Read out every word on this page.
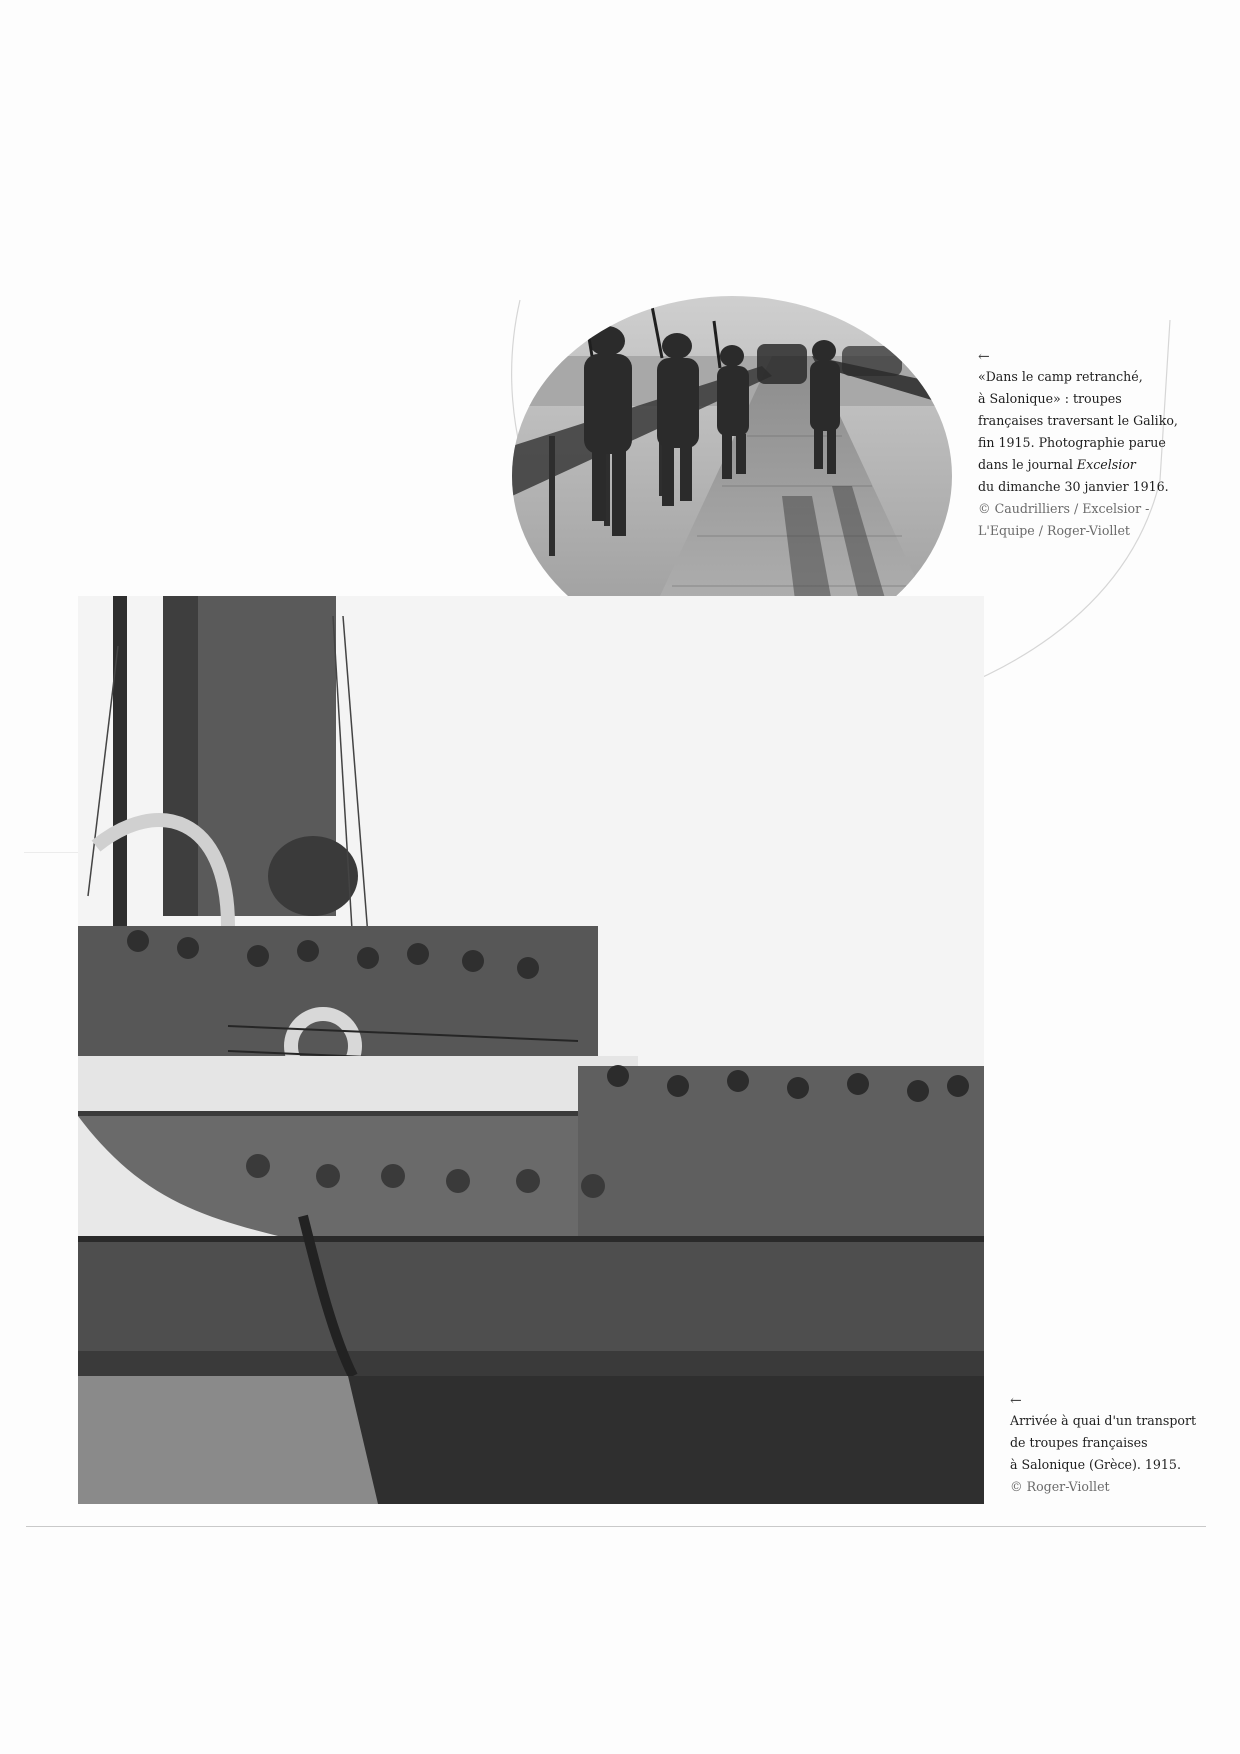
←
«Dans le camp retranché,
à Salonique» : troupes
françaises traversant le Galiko,
fin 1915. Photographie parue
dans le journal Excelsior
du dimanche 30 janvier 1916.
© Caudrilliers / Excelsior -
L'Equipe / Roger-Viollet
←
Arrivée à quai d'un transport
de troupes françaises
à Salonique (Grèce). 1915.
© Roger-Viollet
